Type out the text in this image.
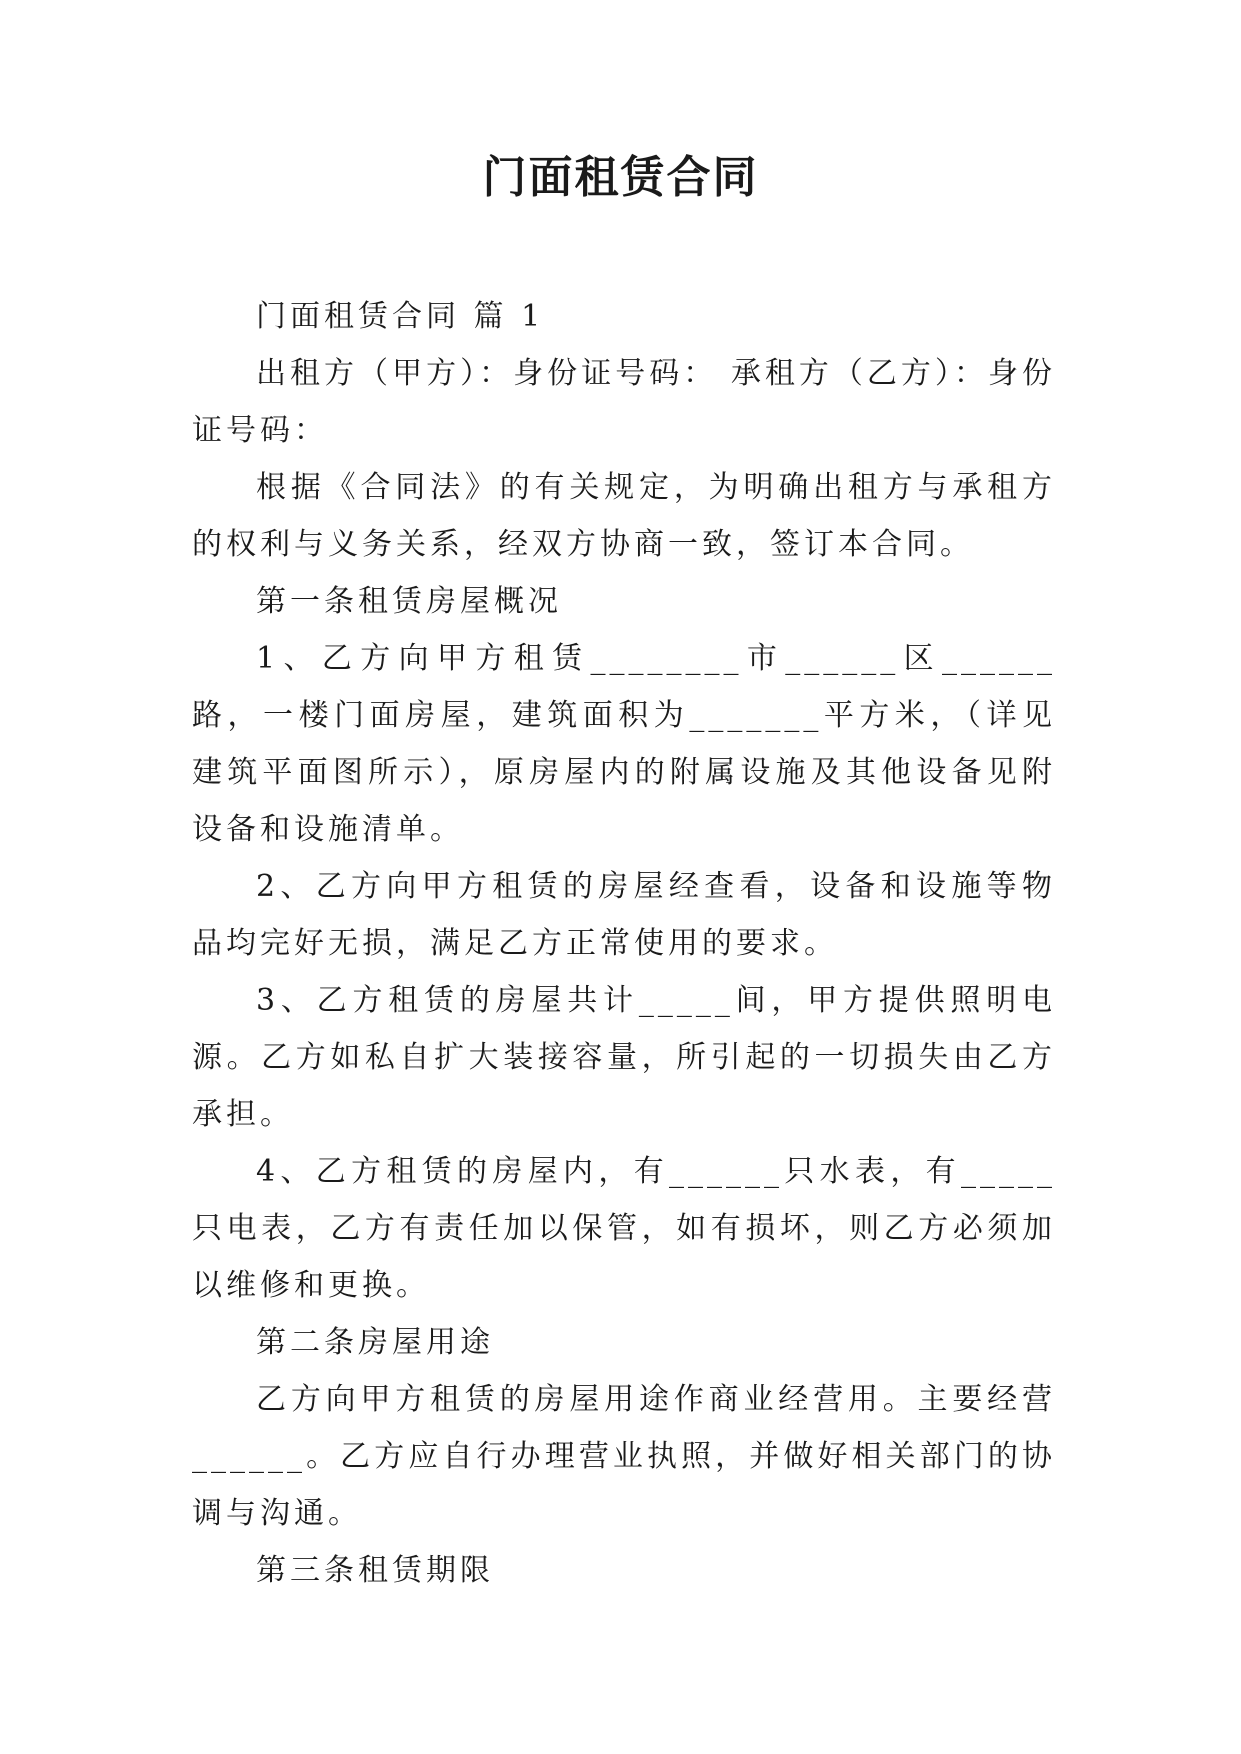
门面租赁合同

门面租赁合同 篇 1

出租方（甲方）：身份证号码： 承租方（乙方）：身份证号码：

根据《合同法》的有关规定，为明确出租方与承租方的权利与义务关系，经双方协商一致，签订本合同。

第一条租赁房屋概况

1、乙方向甲方租赁________市______区______路，一楼门面房屋，建筑面积为_______平方米，（详见建筑平面图所示），原房屋内的附属设施及其他设备见附设备和设施清单。

2、乙方向甲方租赁的房屋经查看，设备和设施等物品均完好无损，满足乙方正常使用的要求。

3、乙方租赁的房屋共计_____间，甲方提供照明电源。乙方如私自扩大装接容量，所引起的一切损失由乙方承担。

4、乙方租赁的房屋内，有______只水表，有_____只电表，乙方有责任加以保管，如有损坏，则乙方必须加以维修和更换。

第二条房屋用途

乙方向甲方租赁的房屋用途作商业经营用。主要经营______。乙方应自行办理营业执照，并做好相关部门的协调与沟通。

第三条租赁期限
